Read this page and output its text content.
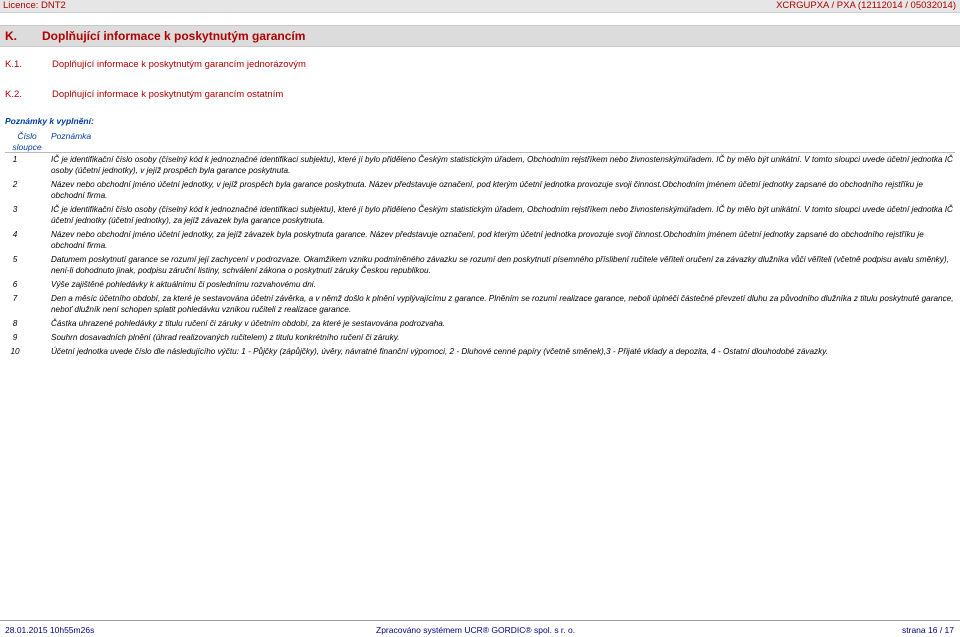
Licence: DNT2	XCRGUPXA / PXA (12112014 / 05032014)
K. Doplňující informace k poskytnutým garancím
K.1.	Doplňující informace k poskytnutým garancím jednorázovým
K.2.	Doplňující informace k poskytnutým garancím ostatním
Poznámky k vyplnění:
Číslo sloupce
Poznámka
1	IČ je identifikační číslo osoby (číselný kód k jednoznačné identifikaci subjektu), které jí bylo přiděleno Českým statistickým úřadem, Obchodním rejstříkem nebo živnostenskýmúřadem. IČ by mělo být unikátní. V tomto sloupci uvede účetní jednotka IČ osoby (účetní jednotky), v jejíž prospěch byla garance poskytnuta.
2	Název nebo obchodní jméno účetní jednotky, v jejíž prospěch byla garance poskytnuta. Název představuje označení, pod kterým účetní jednotka provozuje svoji činnost.Obchodním jménem účetní jednotky zapsané do obchodního rejstříku je obchodní firma.
3	IČ je identifikační číslo osoby (číselný kód k jednoznačné identifikaci subjektu), které jí bylo přiděleno Českým statistickým úřadem, Obchodním rejstříkem nebo živnostenskýmúřadem. IČ by mělo být unikátní. V tomto sloupci uvede účetní jednotka IČ účetní jednotky (účetní jednotky), za jejíž závazek byla garance poskytnuta.
4	Název nebo obchodní jméno účetní jednotky, za jejíž závazek byla poskytnuta garance. Název představuje označení, pod kterým účetní jednotka provozuje svoji činnost.Obchodním jménem účetní jednotky zapsané do obchodního rejstříku je obchodní firma.
5	Datumem poskytnutí garance se rozumí její zachycení v podrozvaze. Okamžikem vzniku podmíněného závazku se rozumí den poskytnutí písemného příslibení ručitele věřiteli oručení za závazky dlužníka vůči věřiteli (včetně podpisu avalu směnky), není-li dohodnuto jinak, podpisu záruční listiny, schválení zákona o poskytnutí záruky Českou republikou.
6	Výše zajištěné pohledávky k aktuálnímu či poslednímu rozvahovému dni.
7	Den a měsíc účetního období, za které je sestavována účetní závěrka, a v němž došlo k plnění vyplývajícímu z garance. Plněním se rozumí realizace garance, neboli úplnéči částečné převzetí dluhu za původního dlužníka z titulu poskytnuté garance, neboť dlužník není schopen splatit pohledávku vznikou ručiteli z realizace garance.
8	Částka uhrazené pohledávky z titulu ručení či záruky v účetním období, za které je sestavována podrozvaha.
9	Souhrn dosavadních plnění (úhrad realizovaných ručitelem) z titulu konkrétního ručení či záruky.
10	Účetní jednotka uvede číslo dle následujícího výčtu: 1 - Půjčky (zápůjčky), úvěry, návratné finanční výpomoci, 2 - Dluhové cenné papíry (včetně směnek),3 - Přijaté vklady a depozita, 4 - Ostatní dlouhodobé závazky.
28.01.2015 10h55m26s	Zpracováno systémem UCR® GORDIC® spol. s r. o.	strana 16 / 17
